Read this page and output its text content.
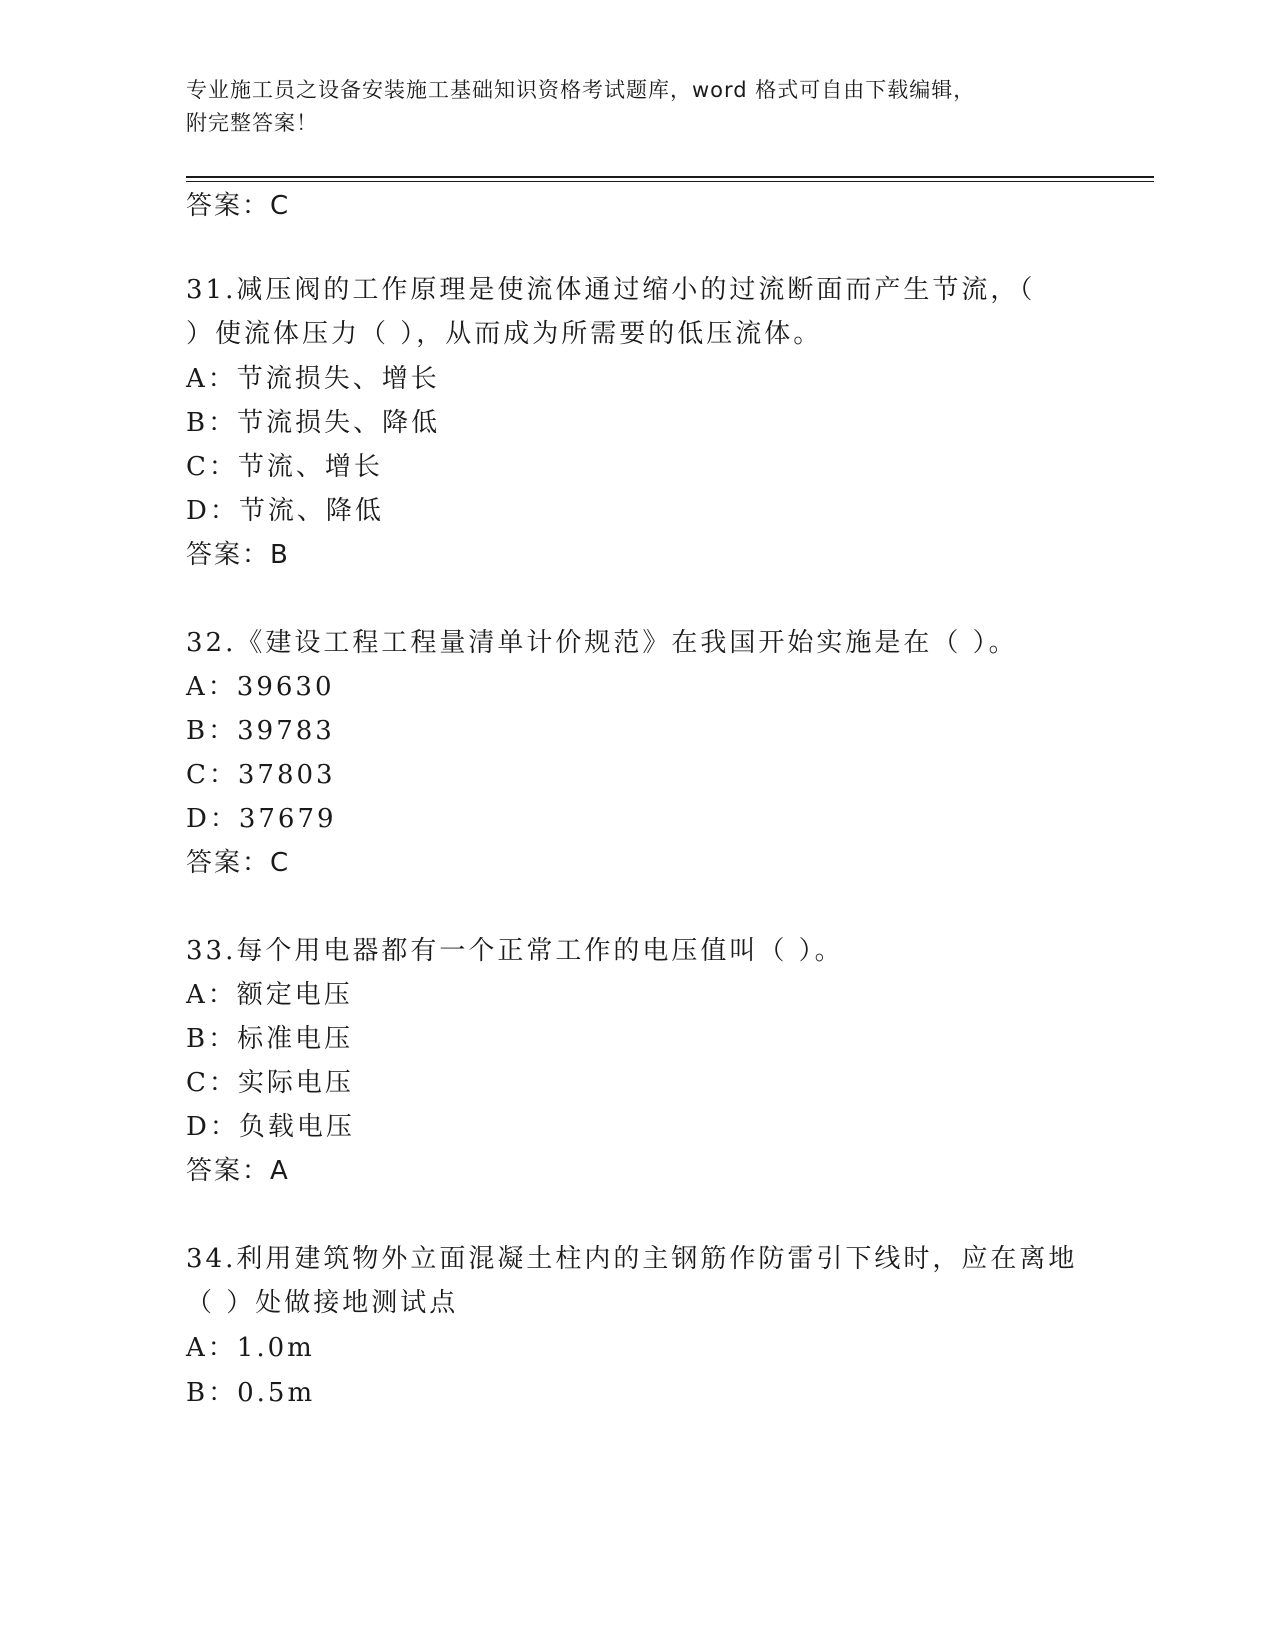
专业施工员之设备安装施工基础知识资格考试题库，word 格式可自由下载编辑，
附完整答案！
答案：C
31.减压阀的工作原理是使流体通过缩小的过流断面而产生节流，（
）使流体压力（ ），从而成为所需要的低压流体。
A：节流损失、增长
B：节流损失、降低
C：节流、增长
D：节流、降低
答案：B
32.《建设工程工程量清单计价规范》在我国开始实施是在（ ）。
A：39630
B：39783
C：37803
D：37679
答案：C
33.每个用电器都有一个正常工作的电压值叫（ ）。
A：额定电压
B：标准电压
C：实际电压
D：负载电压
答案：A
34.利用建筑物外立面混凝土柱内的主钢筋作防雷引下线时，应在离地
（ ）处做接地测试点
A：1.0m
B：0.5m
